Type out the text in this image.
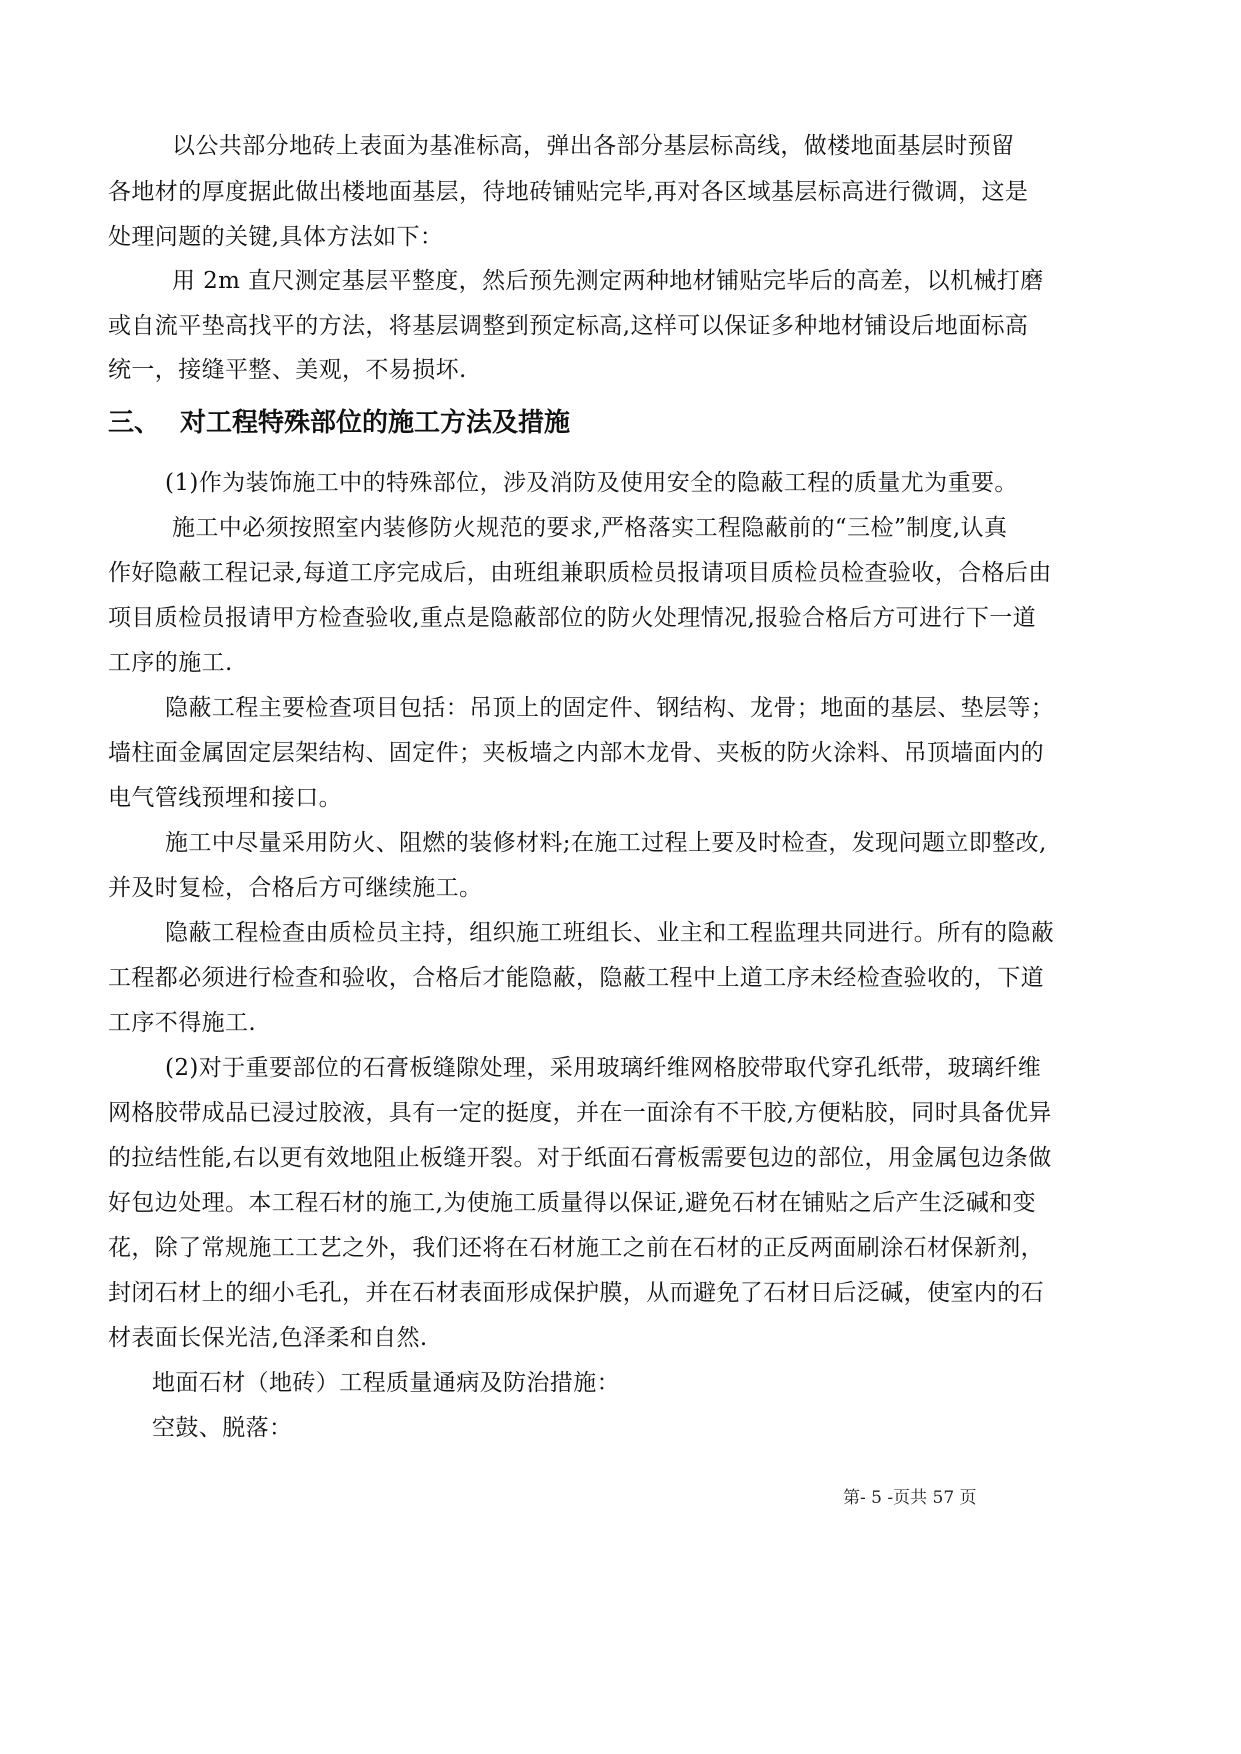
以公共部分地砖上表面为基准标高，弹出各部分基层标高线，做楼地面基层时预留
各地材的厚度据此做出楼地面基层，待地砖铺贴完毕,再对各区域基层标高进行微调，这是
处理问题的关键,具体方法如下：
用 2m 直尺测定基层平整度，然后预先测定两种地材铺贴完毕后的高差，以机械打磨
或自流平垫高找平的方法，将基层调整到预定标高,这样可以保证多种地材铺设后地面标高
统一，接缝平整、美观，不易损坏.
三、 对工程特殊部位的施工方法及措施
(1)作为装饰施工中的特殊部位，涉及消防及使用安全的隐蔽工程的质量尤为重要。
施工中必须按照室内装修防火规范的要求,严格落实工程隐蔽前的“三检”制度,认真
作好隐蔽工程记录,每道工序完成后，由班组兼职质检员报请项目质检员检查验收，合格后由
项目质检员报请甲方检查验收,重点是隐蔽部位的防火处理情况,报验合格后方可进行下一道
工序的施工.
隐蔽工程主要检查项目包括：吊顶上的固定件、钢结构、龙骨；地面的基层、垫层等；
墙柱面金属固定层架结构、固定件；夹板墙之内部木龙骨、夹板的防火涂料、吊顶墙面内的
电气管线预埋和接口。
施工中尽量采用防火、阻燃的装修材料;在施工过程上要及时检查，发现问题立即整改,
并及时复检，合格后方可继续施工。
隐蔽工程检查由质检员主持，组织施工班组长、业主和工程监理共同进行。所有的隐蔽
工程都必须进行检查和验收，合格后才能隐蔽，隐蔽工程中上道工序未经检查验收的，下道
工序不得施工.
(2)对于重要部位的石膏板缝隙处理，采用玻璃纤维网格胶带取代穿孔纸带，玻璃纤维
网格胶带成品已浸过胶液，具有一定的挺度，并在一面涂有不干胶,方便粘胶，同时具备优异
的拉结性能,右以更有效地阻止板缝开裂。对于纸面石膏板需要包边的部位，用金属包边条做
好包边处理。本工程石材的施工,为使施工质量得以保证,避免石材在铺贴之后产生泛碱和变
花，除了常规施工工艺之外，我们还将在石材施工之前在石材的正反两面刷涂石材保新剂，
封闭石材上的细小毛孔，并在石材表面形成保护膜，从而避免了石材日后泛碱，使室内的石
材表面长保光洁,色泽柔和自然.
地面石材（地砖）工程质量通病及防治措施：
空鼓、脱落：
第- 5 -页共 57 页
